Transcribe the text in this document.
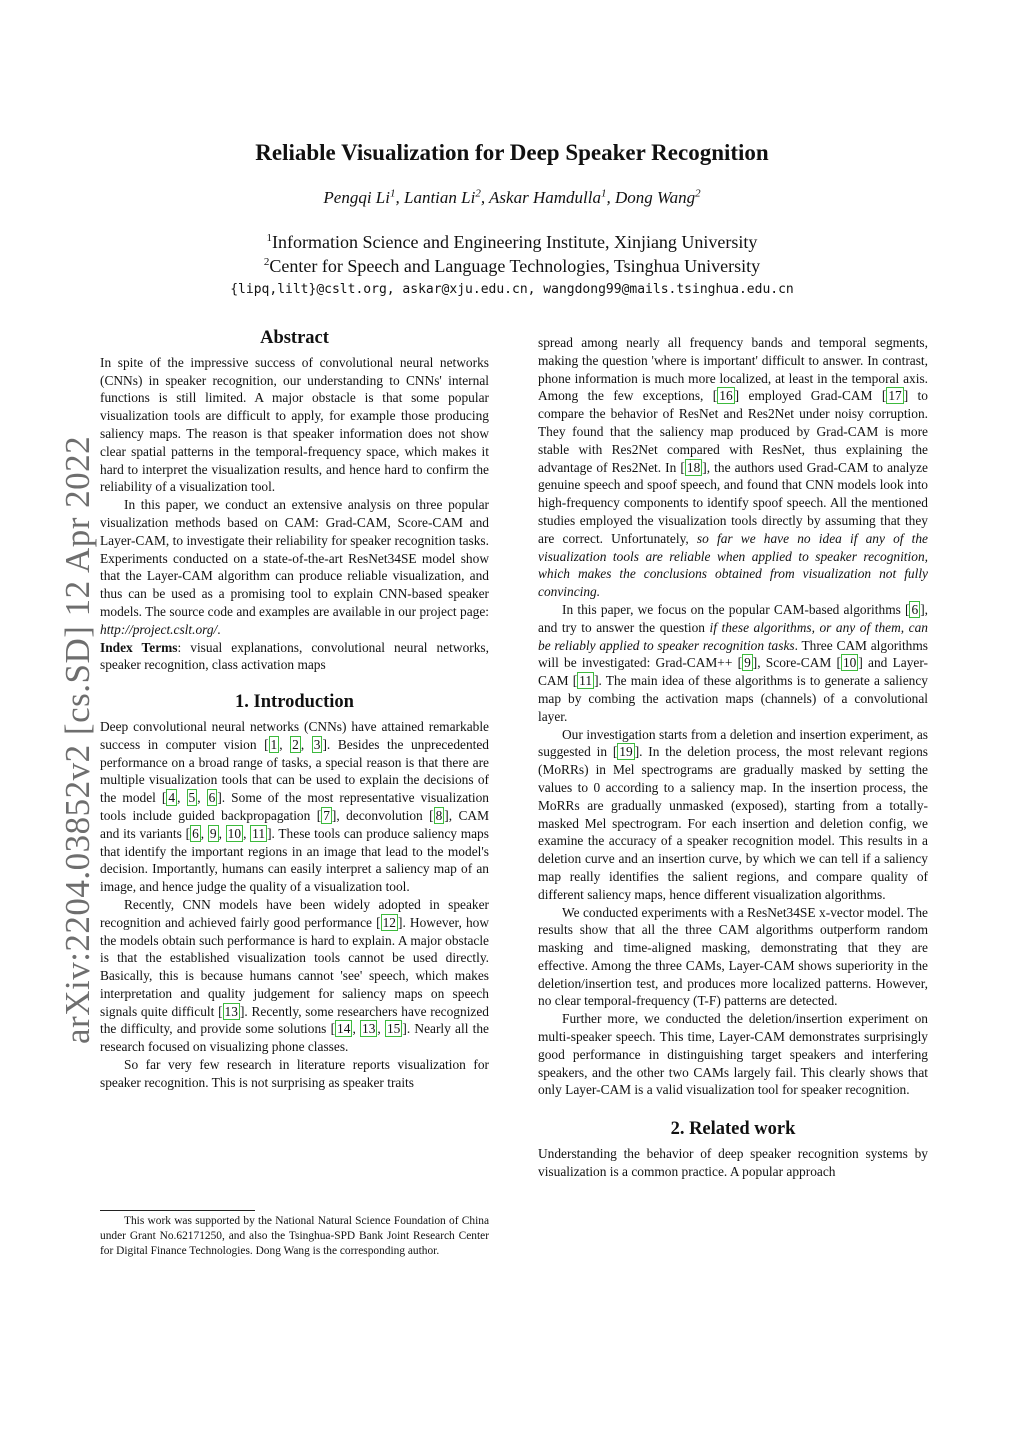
arXiv:2204.03852v2 [cs.SD] 12 Apr 2022
Reliable Visualization for Deep Speaker Recognition
Pengqi Li$^1$, Lantian Li$^2$, Askar Hamdulla$^1$, Dong Wang$^2$
$^1$Information Science and Engineering Institute, Xinjiang University
$^2$Center for Speech and Language Technologies, Tsinghua University
{lipq,lilt}@cslt.org, askar@xju.edu.cn, wangdong99@mails.tsinghua.edu.cn
Abstract

In spite of the impressive success of convolutional neural networks (CNNs) in speaker recognition, our understanding to CNNs' internal functions is still limited. A major obstacle is that some popular visualization tools are difficult to apply, for example those producing saliency maps. The reason is that speaker information does not show clear spatial patterns in the temporal-frequency space, which makes it hard to interpret the visualization results, and hence hard to confirm the reliability of a visualization tool.

In this paper, we conduct an extensive analysis on three popular visualization methods based on CAM: Grad-CAM, Score-CAM and Layer-CAM, to investigate their reliability for speaker recognition tasks. Experiments conducted on a state-of-the-art ResNet34SE model show that the Layer-CAM algorithm can produce reliable visualization, and thus can be used as a promising tool to explain CNN-based speaker models. The source code and examples are available in our project page: http://project.cslt.org/.

Index Terms: visual explanations, convolutional neural networks, speaker recognition, class activation maps

1. Introduction

Deep convolutional neural networks (CNNs) have attained remarkable success in computer vision [ 1 , 2 , 3 ]. Besides the unprecedented performance on a broad range of tasks, a special reason is that there are multiple visualization tools that can be used to explain the decisions of the model [ 4 , 5 , 6 ]. Some of the most representative visualization tools include guided backpropagation [ 7 ], deconvolution [ 8 ], CAM and its variants [ 6 , 9 , 10 , 11 ]. These tools can produce saliency maps that identify the important regions in an image that lead to the model's decision. Importantly, humans can easily interpret a saliency map of an image, and hence judge the quality of a visualization tool.

Recently, CNN models have been widely adopted in speaker recognition and achieved fairly good performance [ 12 ]. However, how the models obtain such performance is hard to explain. A major obstacle is that the established visualization tools cannot be used directly. Basically, this is because humans cannot 'see' speech, which makes interpretation and quality judgement for saliency maps on speech signals quite difficult [ 13 ]. Recently, some researchers have recognized the difficulty, and provide some solutions [ 14 , 13 , 15 ]. Nearly all the research focused on visualizing phone classes.

So far very few research in literature reports visualization for speaker recognition. This is not surprising as speaker traits

This work was supported by the National Natural Science Foundation of China under Grant No.62171250, and also the Tsinghua-SPD Bank Joint Research Center for Digital Finance Technologies. Dong Wang is the corresponding author.

spread among nearly all frequency bands and temporal segments, making the question 'where is important' difficult to answer. In contrast, phone information is much more localized, at least in the temporal axis. Among the few exceptions, [ 16 ] employed Grad-CAM [ 17 ] to compare the behavior of ResNet and Res2Net under noisy corruption. They found that the saliency map produced by Grad-CAM is more stable with Res2Net compared with ResNet, thus explaining the advantage of Res2Net. In [ 18 ], the authors used Grad-CAM to analyze genuine speech and spoof speech, and found that CNN models look into high-frequency components to identify spoof speech. All the mentioned studies employed the visualization tools directly by assuming that they are correct. Unfortunately, so far we have no idea if any of the visualization tools are reliable when applied to speaker recognition, which makes the conclusions obtained from visualization not fully convincing.

In this paper, we focus on the popular CAM-based algorithms [ 6 ], and try to answer the question if these algorithms, or any of them, can be reliably applied to speaker recognition tasks. Three CAM algorithms will be investigated: Grad-CAM++ [ 9 ], Score-CAM [ 10 ] and Layer-CAM [ 11 ]. The main idea of these algorithms is to generate a saliency map by combing the activation maps (channels) of a convolutional layer.

Our investigation starts from a deletion and insertion experiment, as suggested in [ 19 ]. In the deletion process, the most relevant regions (MoRRs) in Mel spectrograms are gradually masked by setting the values to 0 according to a saliency map. In the insertion process, the MoRRs are gradually unmasked (exposed), starting from a totally-masked Mel spectrogram. For each insertion and deletion config, we examine the accuracy of a speaker recognition model. This results in a deletion curve and an insertion curve, by which we can tell if a saliency map really identifies the salient regions, and compare quality of different saliency maps, hence different visualization algorithms.

We conducted experiments with a ResNet34SE x-vector model. The results show that all the three CAM algorithms outperform random masking and time-aligned masking, demonstrating that they are effective. Among the three CAMs, Layer-CAM shows superiority in the deletion/insertion test, and produces more localized patterns. However, no clear temporal-frequency (T-F) patterns are detected.

Further more, we conducted the deletion/insertion experiment on multi-speaker speech. This time, Layer-CAM demonstrates surprisingly good performance in distinguishing target speakers and interfering speakers, and the other two CAMs largely fail. This clearly shows that only Layer-CAM is a valid visualization tool for speaker recognition.

2. Related work

Understanding the behavior of deep speaker recognition systems by visualization is a common practice. A popular approach
